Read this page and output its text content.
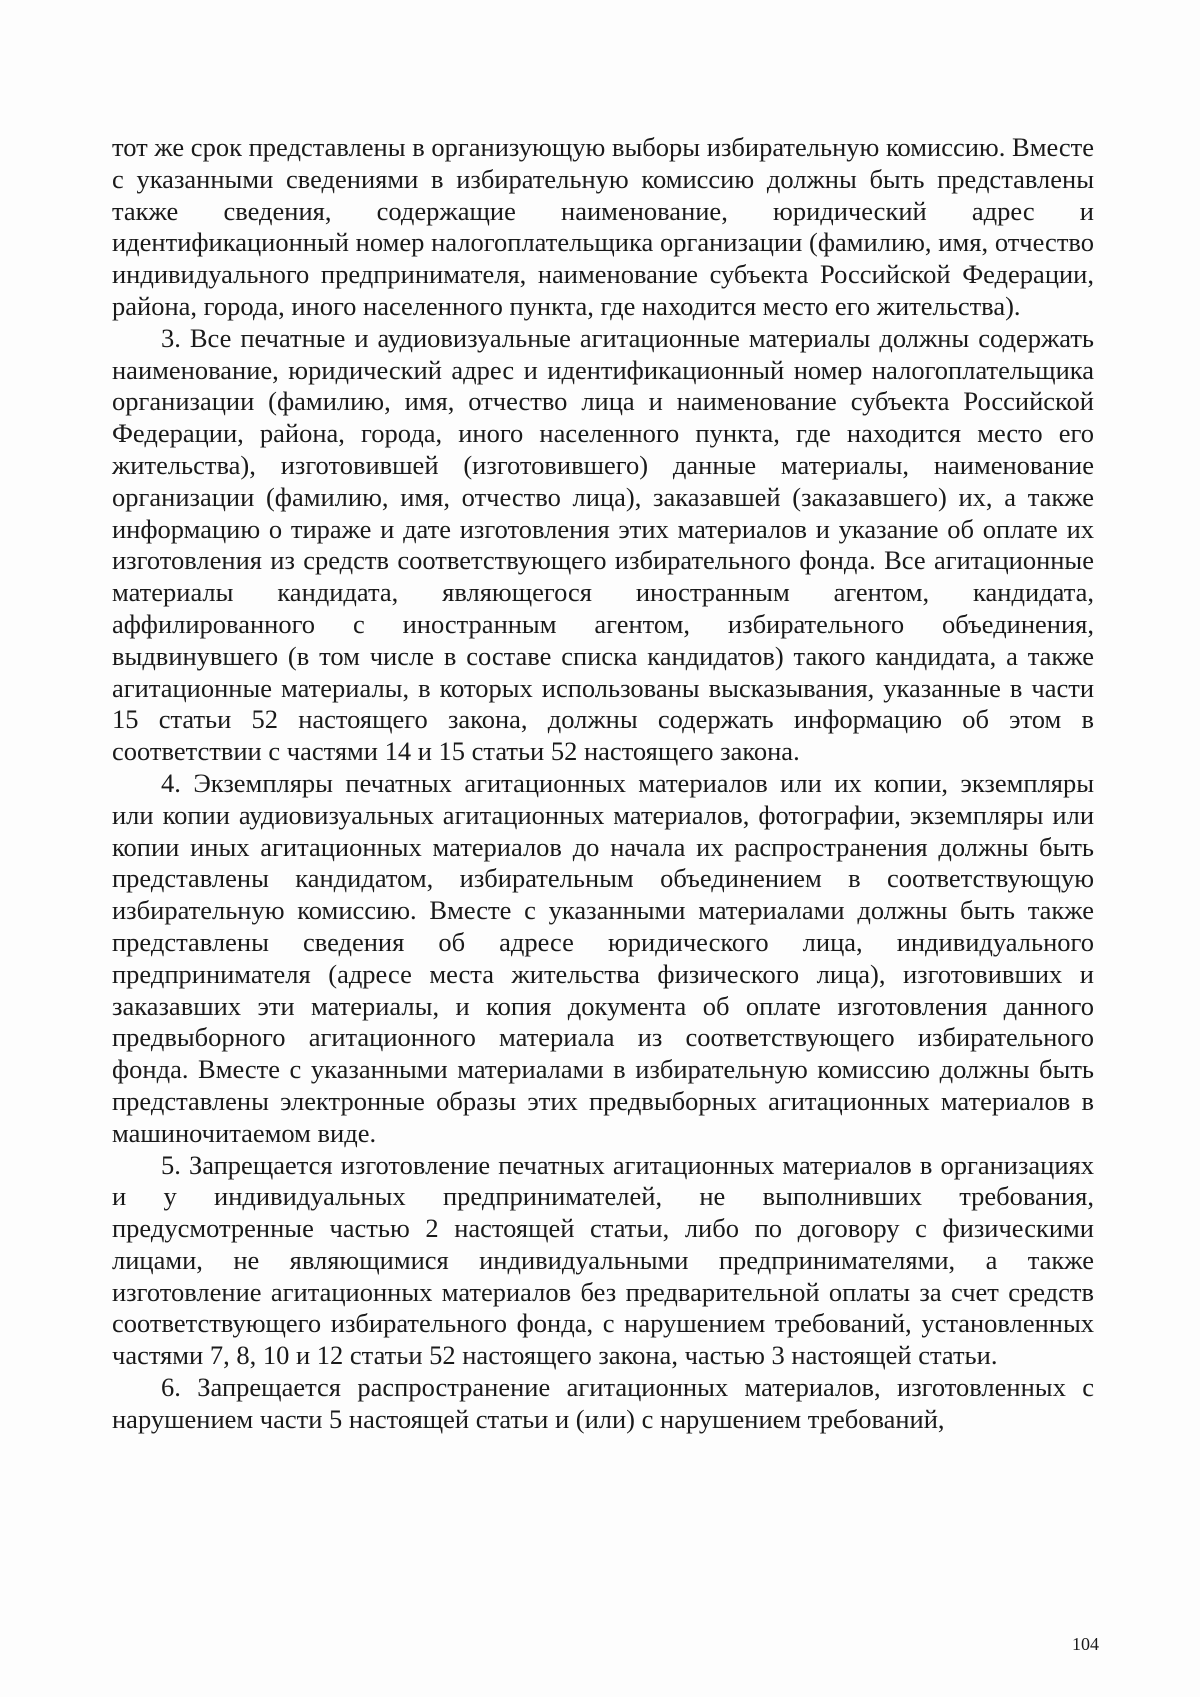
тот же срок представлены в организующую выборы избирательную комиссию. Вместе с указанными сведениями в избирательную комиссию должны быть представлены также сведения, содержащие наименование, юридический адрес и идентификационный номер налогоплательщика организации (фамилию, имя, отчество индивидуального предпринимателя, наименование субъекта Российской Федерации, района, города, иного населенного пункта, где находится место его жительства).

3. Все печатные и аудиовизуальные агитационные материалы должны содержать наименование, юридический адрес и идентификационный номер налогоплательщика организации (фамилию, имя, отчество лица и наименование субъекта Российской Федерации, района, города, иного населенного пункта, где находится место его жительства), изготовившей (изготовившего) данные материалы, наименование организации (фамилию, имя, отчество лица), заказавшей (заказавшего) их, а также информацию о тираже и дате изготовления этих материалов и указание об оплате их изготовления из средств соответствующего избирательного фонда. Все агитационные материалы кандидата, являющегося иностранным агентом, кандидата, аффилированного с иностранным агентом, избирательного объединения, выдвинувшего (в том числе в составе списка кандидатов) такого кандидата, а также агитационные материалы, в которых использованы высказывания, указанные в части 15 статьи 52 настоящего закона, должны содержать информацию об этом в соответствии с частями 14 и 15 статьи 52 настоящего закона.

4. Экземпляры печатных агитационных материалов или их копии, экземпляры или копии аудиовизуальных агитационных материалов, фотографии, экземпляры или копии иных агитационных материалов до начала их распространения должны быть представлены кандидатом, избирательным объединением в соответствующую избирательную комиссию. Вместе с указанными материалами должны быть также представлены сведения об адресе юридического лица, индивидуального предпринимателя (адресе места жительства физического лица), изготовивших и заказавших эти материалы, и копия документа об оплате изготовления данного предвыборного агитационного материала из соответствующего избирательного фонда. Вместе с указанными материалами в избирательную комиссию должны быть представлены электронные образы этих предвыборных агитационных материалов в машиночитаемом виде.

5. Запрещается изготовление печатных агитационных материалов в организациях и у индивидуальных предпринимателей, не выполнивших требования, предусмотренные частью 2 настоящей статьи, либо по договору с физическими лицами, не являющимися индивидуальными предпринимателями, а также изготовление агитационных материалов без предварительной оплаты за счет средств соответствующего избирательного фонда, с нарушением требований, установленных частями 7, 8, 10 и 12 статьи 52 настоящего закона, частью 3 настоящей статьи.

6. Запрещается распространение агитационных материалов, изготовленных с нарушением части 5 настоящей статьи и (или) с нарушением требований,

104
